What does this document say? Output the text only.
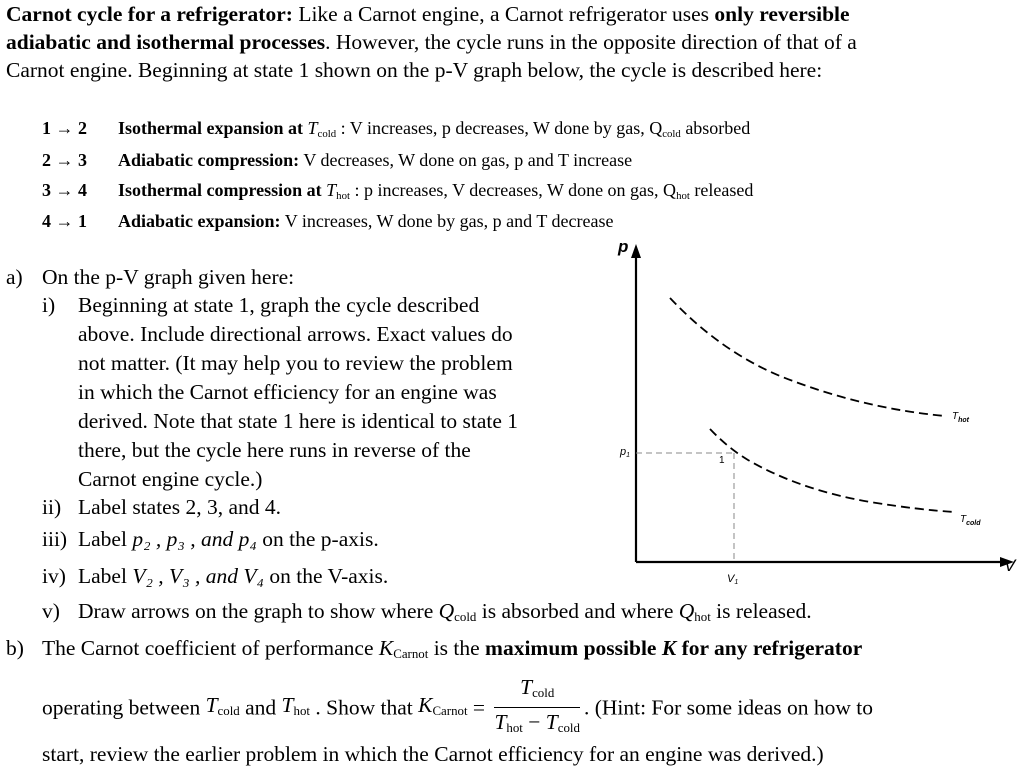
Carnot cycle for a refrigerator: Like a Carnot engine, a Carnot refrigerator uses only reversible
adiabatic and isothermal processes. However, the cycle runs in the opposite direction of that of a
Carnot engine. Beginning at state 1 shown on the p-V graph below, the cycle is described here:
1 → 2 Isothermal expansion at $T_{cold}$ : V increases, p decreases, W done by gas, $Q_{cold}$ absorbed
2 → 3 Adiabatic compression: V decreases, W done on gas, p and T increase
3 → 4 Isothermal compression at $T_{hot}$ : p increases, V decreases, W done on gas, $Q_{hot}$ released
4 → 1 Adiabatic expansion: V increases, W done by gas, p and T decrease
a) On the p-V graph given here:
i) Beginning at state 1, graph the cycle described
above. Include directional arrows. Exact values do
not matter. (It may help you to review the problem
in which the Carnot efficiency for an engine was
derived. Note that state 1 here is identical to state 1
there, but the cycle here runs in reverse of the
Carnot engine cycle.)
ii) Label states 2, 3, and 4.
iii) Label p₂ , p₃ , and p₄ on the p-axis.
iv) Label V₂ , V₃ , and V₄ on the V-axis.
v) Draw arrows on the graph to show where $Q_{cold}$ is absorbed and where $Q_{hot}$ is released.
b) The Carnot coefficient of performance $K_{Carnot}$ is the maximum possible K for any refrigerator
operating between $T_{cold}$ and $T_{hot}$ . Show that $K_{Carnot}$ =
$T_{cold}$
$T_{hot} - T_{cold}$
. (Hint: For some ideas on how to
start, review the earlier problem in which the Carnot efficiency for an engine was derived.)
p
V
$T_{hot}$
$T_{cold}$
p1
V1
1
